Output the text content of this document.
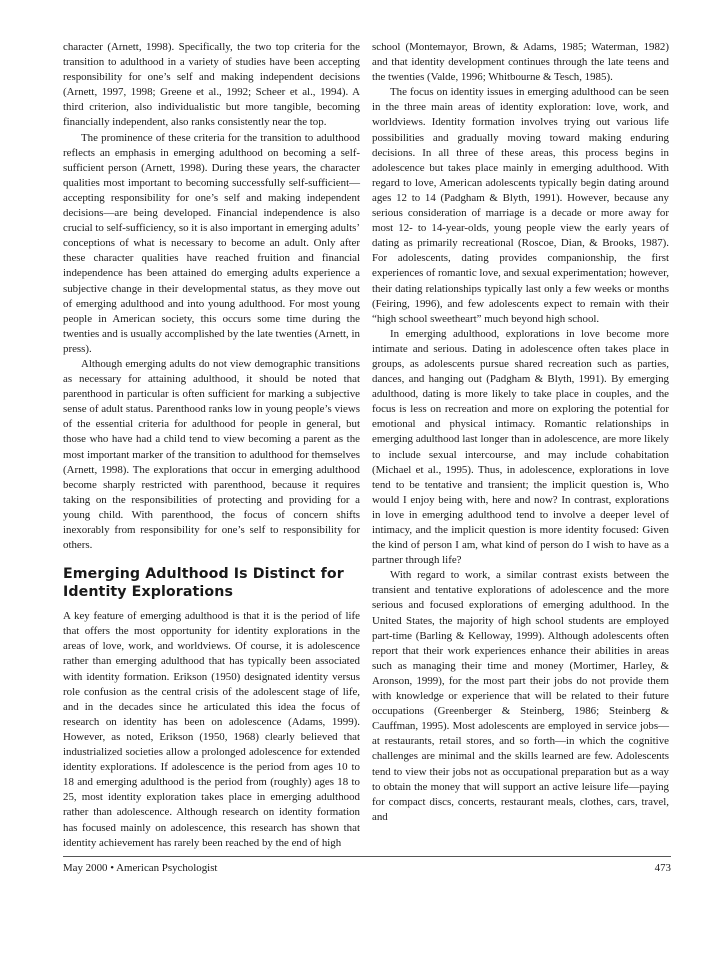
character (Arnett, 1998). Specifically, the two top criteria for the transition to adulthood in a variety of studies have been accepting responsibility for one’s self and making independent decisions (Arnett, 1997, 1998; Greene et al., 1992; Scheer et al., 1994). A third criterion, also individualistic but more tangible, becoming financially independent, also ranks consistently near the top.

The prominence of these criteria for the transition to adulthood reflects an emphasis in emerging adulthood on becoming a self-sufficient person (Arnett, 1998). During these years, the character qualities most important to becoming successfully self-sufficient—accepting responsibility for one’s self and making independent decisions—are being developed. Financial independence is also crucial to self-sufficiency, so it is also important in emerging adults’ conceptions of what is necessary to become an adult. Only after these character qualities have reached fruition and financial independence has been attained do emerging adults experience a subjective change in their developmental status, as they move out of emerging adulthood and into young adulthood. For most young people in American society, this occurs some time during the twenties and is usually accomplished by the late twenties (Arnett, in press).

Although emerging adults do not view demographic transitions as necessary for attaining adulthood, it should be noted that parenthood in particular is often sufficient for marking a subjective sense of adult status. Parenthood ranks low in young people’s views of the essential criteria for adulthood for people in general, but those who have had a child tend to view becoming a parent as the most important marker of the transition to adulthood for themselves (Arnett, 1998). The explorations that occur in emerging adulthood become sharply restricted with parenthood, because it requires taking on the responsibilities of protecting and providing for a young child. With parenthood, the focus of concern shifts inexorably from responsibility for one’s self to responsibility for others.

Emerging Adulthood Is Distinct for Identity Explorations

A key feature of emerging adulthood is that it is the period of life that offers the most opportunity for identity explorations in the areas of love, work, and worldviews. Of course, it is adolescence rather than emerging adulthood that has typically been associated with identity formation. Erikson (1950) designated identity versus role confusion as the central crisis of the adolescent stage of life, and in the decades since he articulated this idea the focus of research on identity has been on adolescence (Adams, 1999). However, as noted, Erikson (1950, 1968) clearly believed that industrialized societies allow a prolonged adolescence for extended identity explorations. If adolescence is the period from ages 10 to 18 and emerging adulthood is the period from (roughly) ages 18 to 25, most identity exploration takes place in emerging adulthood rather than adolescence. Although research on identity formation has focused mainly on adolescence, this research has shown that identity achievement has rarely been reached by the end of high

school (Montemayor, Brown, & Adams, 1985; Waterman, 1982) and that identity development continues through the late teens and the twenties (Valde, 1996; Whitbourne & Tesch, 1985).

The focus on identity issues in emerging adulthood can be seen in the three main areas of identity exploration: love, work, and worldviews. Identity formation involves trying out various life possibilities and gradually moving toward making enduring decisions. In all three of these areas, this process begins in adolescence but takes place mainly in emerging adulthood. With regard to love, American adolescents typically begin dating around ages 12 to 14 (Padgham & Blyth, 1991). However, because any serious consideration of marriage is a decade or more away for most 12- to 14-year-olds, young people view the early years of dating as primarily recreational (Roscoe, Dian, & Brooks, 1987). For adolescents, dating provides companionship, the first experiences of romantic love, and sexual experimentation; however, their dating relationships typically last only a few weeks or months (Feiring, 1996), and few adolescents expect to remain with their “high school sweetheart” much beyond high school.

In emerging adulthood, explorations in love become more intimate and serious. Dating in adolescence often takes place in groups, as adolescents pursue shared recreation such as parties, dances, and hanging out (Padgham & Blyth, 1991). By emerging adulthood, dating is more likely to take place in couples, and the focus is less on recreation and more on exploring the potential for emotional and physical intimacy. Romantic relationships in emerging adulthood last longer than in adolescence, are more likely to include sexual intercourse, and may include cohabitation (Michael et al., 1995). Thus, in adolescence, explorations in love tend to be tentative and transient; the implicit question is, Who would I enjoy being with, here and now? In contrast, explorations in love in emerging adulthood tend to involve a deeper level of intimacy, and the implicit question is more identity focused: Given the kind of person I am, what kind of person do I wish to have as a partner through life?

With regard to work, a similar contrast exists between the transient and tentative explorations of adolescence and the more serious and focused explorations of emerging adulthood. In the United States, the majority of high school students are employed part-time (Barling & Kelloway, 1999). Although adolescents often report that their work experiences enhance their abilities in areas such as managing their time and money (Mortimer, Harley, & Aronson, 1999), for the most part their jobs do not provide them with knowledge or experience that will be related to their future occupations (Greenberger & Steinberg, 1986; Steinberg & Cauffman, 1995). Most adolescents are employed in service jobs—at restaurants, retail stores, and so forth—in which the cognitive challenges are minimal and the skills learned are few. Adolescents tend to view their jobs not as occupational preparation but as a way to obtain the money that will support an active leisure life—paying for compact discs, concerts, restaurant meals, clothes, cars, travel, and

May 2000 • American Psychologist	473
